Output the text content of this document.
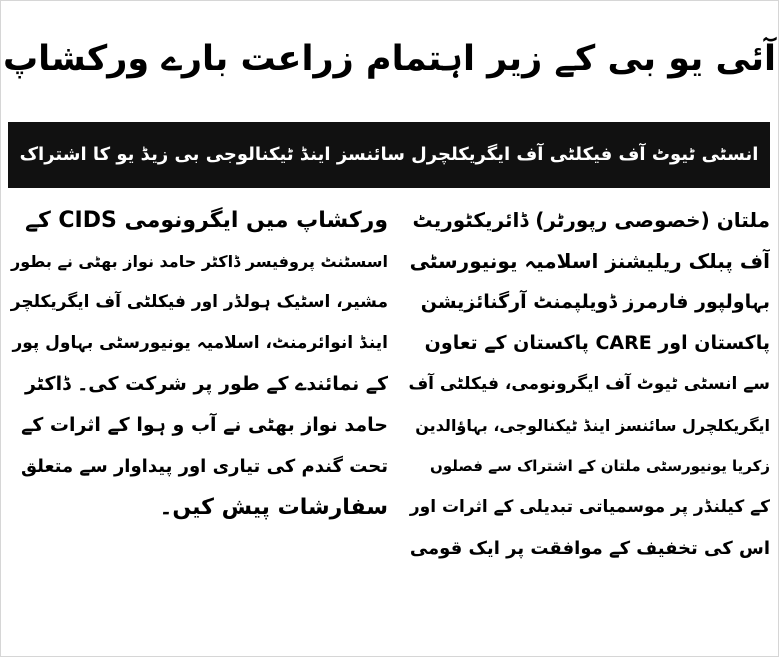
آئی یو بی کے زیر اہتمام زراعت بارے ورکشاپ
انسٹی ٹیوٹ آف فیکلٹی آف ایگریکلچرل سائنسز اینڈ ٹیکنالوجی بی زیڈ یو کا اشتراک
ملتان (خصوصی رپورٹر) ڈائریکٹوریٹ
آف پبلک ریلیشنز اسلامیہ یونیورسٹی
بہاولپور فارمرز ڈویلپمنٹ آرگنائزیشن
پاکستان اور CARE پاکستان کے تعاون
سے انسٹی ٹیوٹ آف ایگرونومی، فیکلٹی آف
ایگریکلچرل سائنسز اینڈ ٹیکنالوجی، بہاؤالدین
زکریا یونیورسٹی ملتان کے اشتراک سے فصلوں
کے کیلنڈر پر موسمیاتی تبدیلی کے اثرات اور
اس کی تخفیف کے موافقت پر ایک قومی
ورکشاپ میں ایگرونومی CIDS کے
اسسٹنٹ پروفیسر ڈاکٹر حامد نواز بھٹی نے بطور
مشیر، اسٹیک ہولڈر اور فیکلٹی آف ایگریکلچر
اینڈ انوائرمنٹ، اسلامیہ یونیورسٹی بہاول پور
کے نمائندے کے طور پر شرکت کی۔ ڈاکٹر
حامد نواز بھٹی نے آب و ہوا کے اثرات کے
تحت گندم کی تیاری اور پیداوار سے متعلق
سفارشات پیش کیں۔
